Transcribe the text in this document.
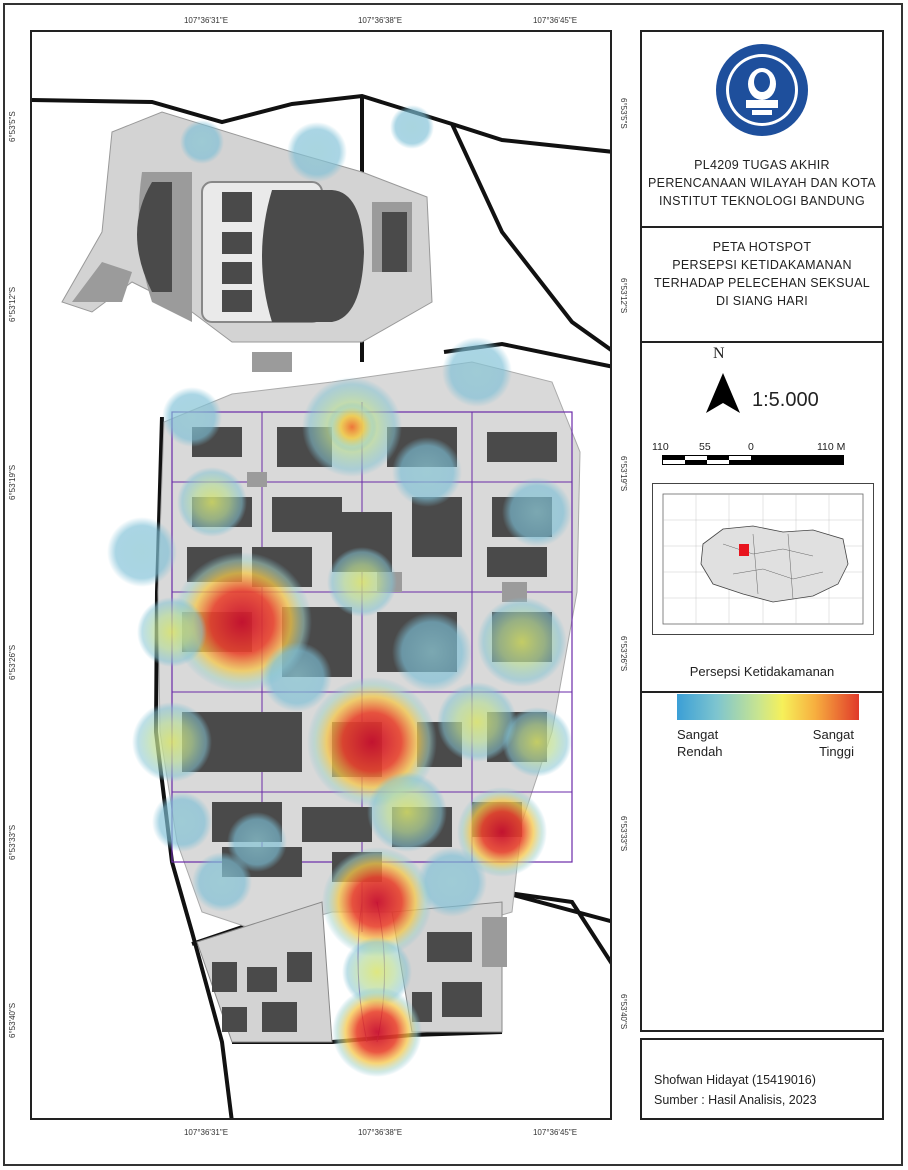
107°36'31"E	107°36'38"E	107°36'45"E
107°36'31"E	107°36'38"E	107°36'45"E
6°53'5"S
6°53'12"S
6°53'19"S
6°53'26"S
6°53'33"S
6°53'40"S
6°53'5"S
6°53'12"S
6°53'19"S
6°53'26"S
6°53'33"S
6°53'40"S
PL4209 TUGAS AKHIR
PERENCANAAN WILAYAH DAN KOTA
INSTITUT TEKNOLOGI BANDUNG
PETA HOTSPOT
PERSEPSI KETIDAKAMANAN
TERHADAP PELECEHAN SEKSUAL
DI SIANG HARI
N
1:5.000
110	55	0	110 M
Persepsi Ketidakamanan
Sangat
Rendah
Sangat
Tinggi
Shofwan Hidayat (15419016)
Sumber : Hasil Analisis, 2023
